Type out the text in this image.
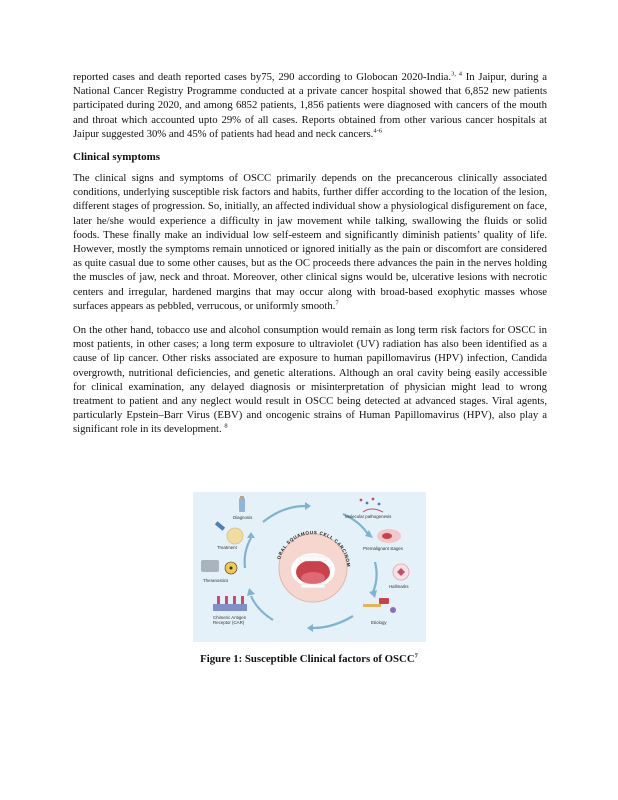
reported cases and death reported cases by75, 290 according to Globocan 2020-India.$^{3, 4}$ In Jaipur, during a National Cancer Registry Programme conducted at a private cancer hospital showed that 6,852 new patients participated during 2020, and among 6852 patients, 1,856 patients were diagnosed with cancers of the mouth and throat which accounted upto 29% of all cases. Reports obtained from other various cancer hospitals at Jaipur suggested 30% and 45% of patients had head and neck cancers.$^{4-6}$

Clinical symptoms

The clinical signs and symptoms of OSCC primarily depends on the precancerous clinically associated conditions, underlying susceptible risk factors and habits, further differ according to the location of the lesion, different stages of progression. So, initially, an affected individual show a physiological disfigurement on face, later he/she would experience a difficulty in jaw movement while talking, swallowing the fluids or solid foods. These finally make an individual low self-esteem and significantly diminish patients’ quality of life. However, mostly the symptoms remain unnoticed or ignored initially as the pain or discomfort are considered as quite casual due to some other causes, but as the OC proceeds there advances the pain in the nerves holding the muscles of jaw, neck and throat. Moreover, other clinical signs would be, ulcerative lesions with necrotic centers and irregular, hardened margins that may occur along with broad-based exophytic masses whose surfaces appears as pebbled, verrucous, or uniformly smooth.$^7$

On the other hand, tobacco use and alcohol consumption would remain as long term risk factors for OSCC in most patients, in other cases; a long term exposure to ultraviolet (UV) radiation has also been identified as a cause of lip cancer. Other risks associated are exposure to human papillomavirus (HPV) infection, Candida overgrowth, nutritional deficiencies, and genetic alterations. Although an oral cavity being easily accessible for clinical examination, any delayed diagnosis or misinterpretation of physician might lead to wrong treatment to patient and any neglect would result in OSCC being detected at advanced stages. Viral agents, particularly Epstein–Barr Virus (EBV) and oncogenic strains of Human Papillomavirus (HPV), also play a significant role in its development. $^8$

ORAL SQUAMOUS CELL CARCINOM
Diagnosis
Treatment
Theranostics
Chimeric Antigen
Receptor (CAR)
Molecular pathogenesis
Premalignant stages
Hallmarks
Etiology
Figure 1: Susceptible Clinical factors of OSCC$^7$
